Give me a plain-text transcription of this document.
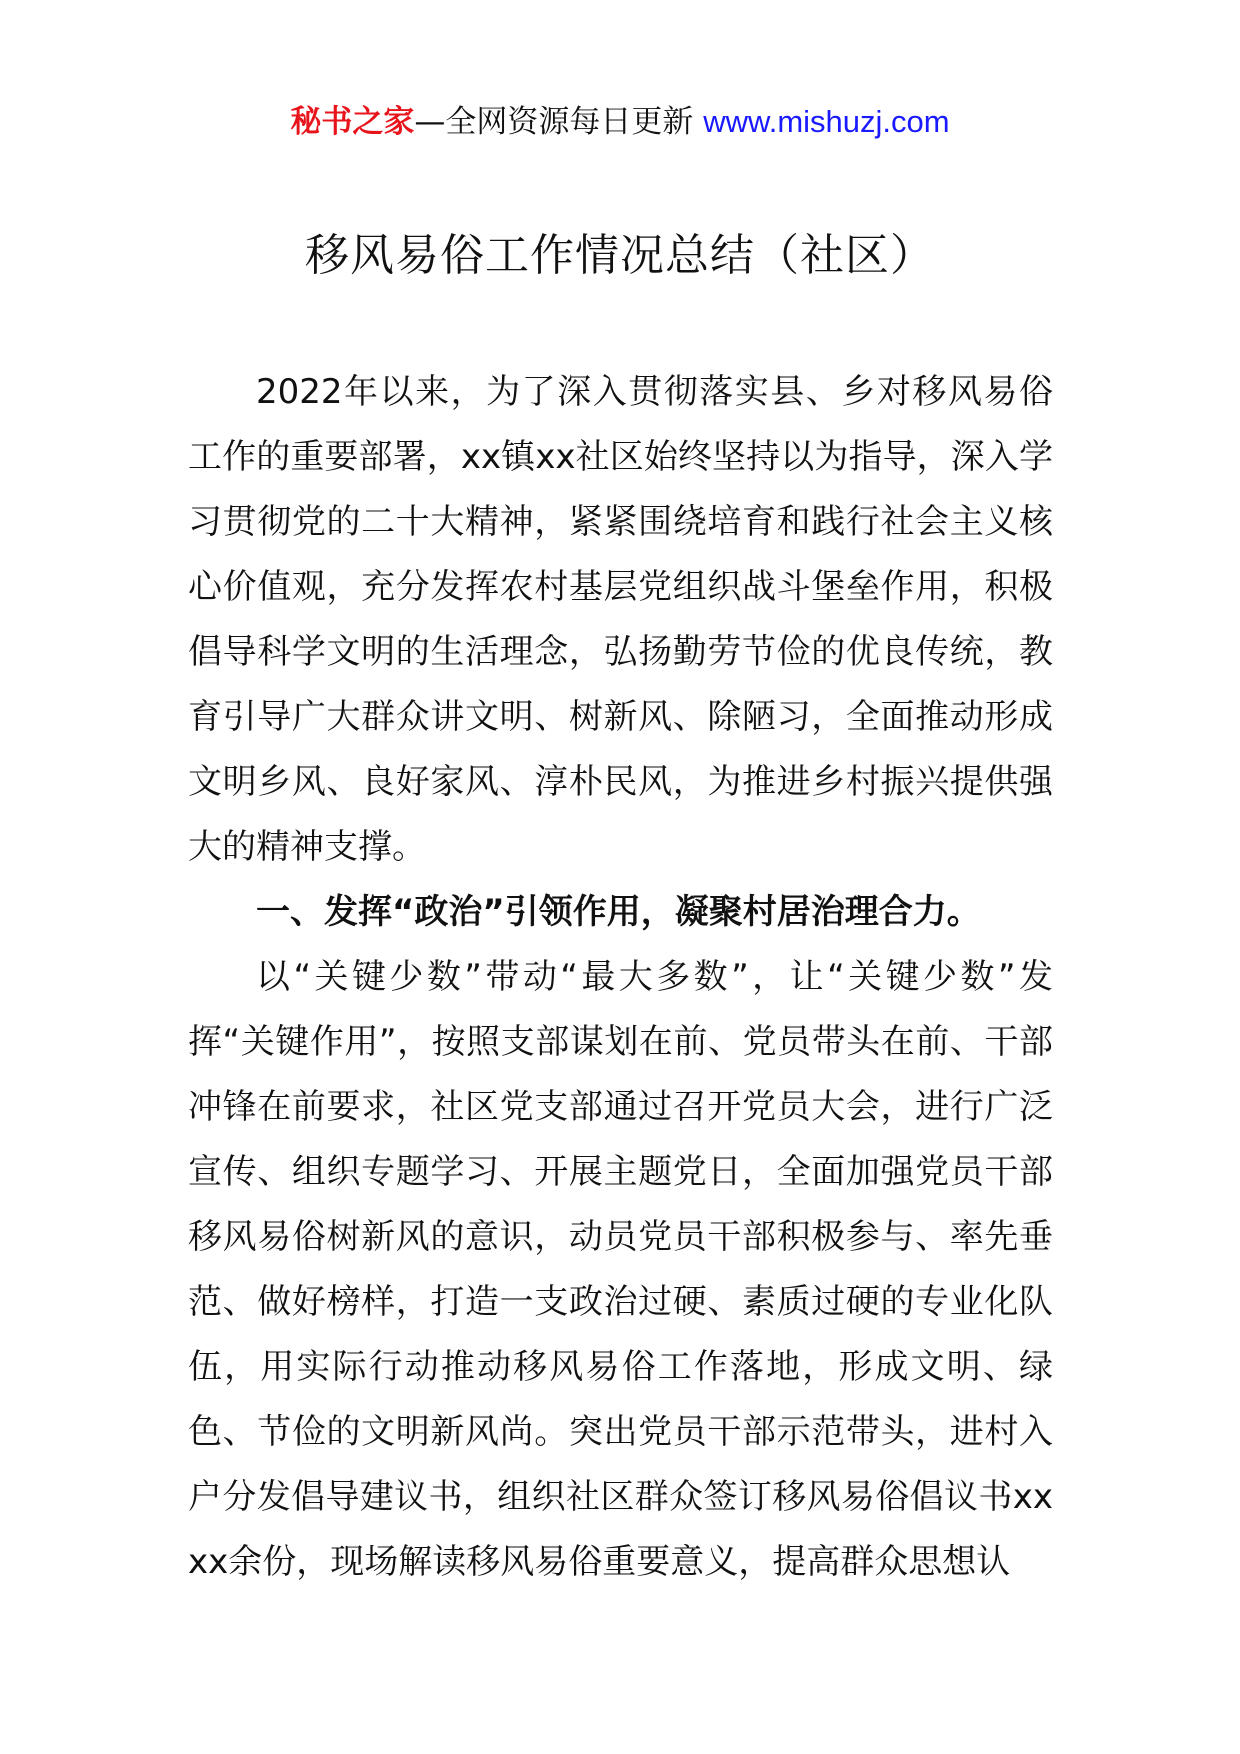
秘书之家—全网资源每日更新 www.mishuzj.com
移风易俗工作情况总结（社区）

2022年以来，为了深入贯彻落实县、乡对移风易俗工作的重要部署，xx镇xx社区始终坚持以为指导，深入学习贯彻党的二十大精神，紧紧围绕培育和践行社会主义核心价值观，充分发挥农村基层党组织战斗堡垒作用，积极倡导科学文明的生活理念，弘扬勤劳节俭的优良传统，教育引导广大群众讲文明、树新风、除陋习，全面推动形成文明乡风、良好家风、淳朴民风，为推进乡村振兴提供强大的精神支撑。

一、发挥“政治”引领作用，凝聚村居治理合力。

以“关键少数”带动“最大多数”，让“关键少数”发挥“关键作用”，按照支部谋划在前、党员带头在前、干部冲锋在前要求，社区党支部通过召开党员大会，进行广泛宣传、组织专题学习、开展主题党日，全面加强党员干部移风易俗树新风的意识，动员党员干部积极参与、率先垂范、做好榜样，打造一支政治过硬、素质过硬的专业化队伍，用实际行动推动移风易俗工作落地，形成文明、绿色、节俭的文明新风尚。突出党员干部示范带头，进村入户分发倡导建议书，组织社区群众签订移风易俗倡议书xxxx余份，现场解读移风易俗重要意义，提高群众思想认
